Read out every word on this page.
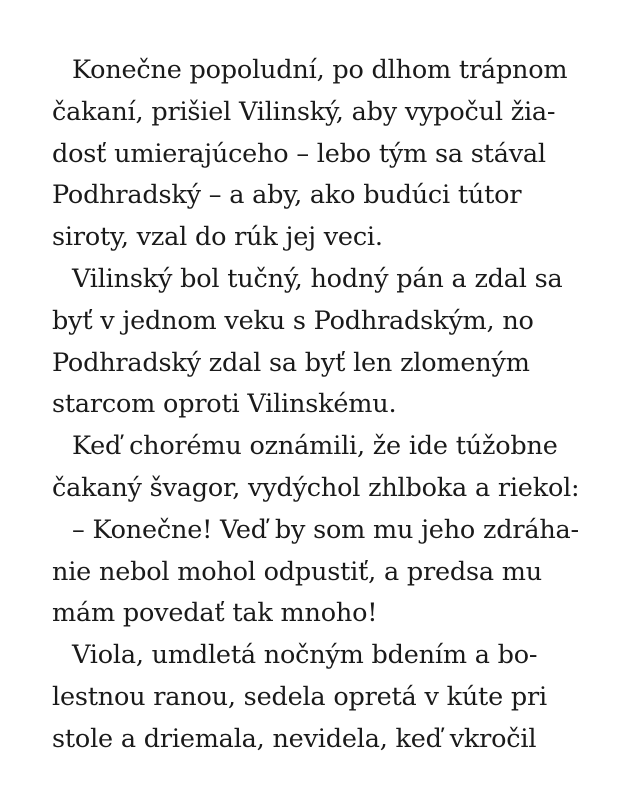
Konečne popoludní, po dlhom trápnom
čakaní, prišiel Vilinský, aby vypočul žia-
dosť umierajúceho – lebo tým sa stával
Podhradský – a aby, ako budúci tútor
siroty, vzal do rúk jej veci.
Vilinský bol tučný, hodný pán a zdal sa
byť v jednom veku s Podhradským, no
Podhradský zdal sa byť len zlomeným
starcom oproti Vilinskému.
Keď chorému oznámili, že ide túžobne
čakaný švagor, vydýchol zhlboka a riekol:
– Konečne! Veď by som mu jeho zdráha-
nie nebol mohol odpustiť, a predsa mu
mám povedať tak mnoho!
Viola, umdletá nočným bdením a bo-
lestnou ranou, sedela opretá v kúte pri
stole a driemala, nevidela, keď vkročil
